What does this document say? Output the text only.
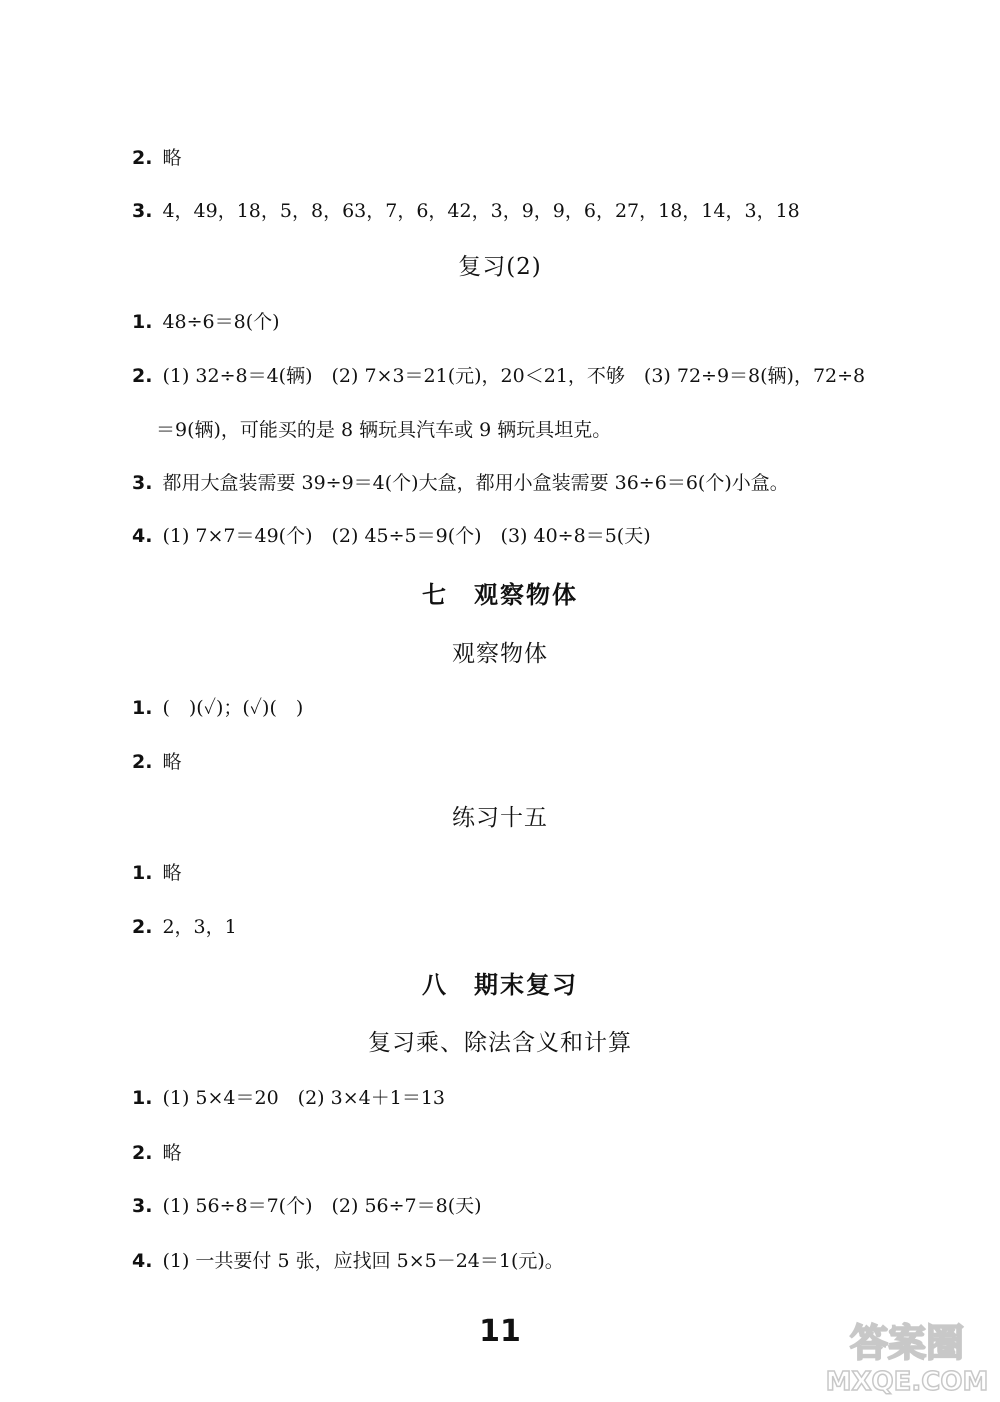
2. 略
3. 4，49，18，5，8，63，7，6，42，3，9，9，6，27，18，14，3，18
复习(2)
1. 48÷6＝8(个)
2. (1) 32÷8＝4(辆)　(2) 7×3＝21(元)，20＜21，不够　(3) 72÷9＝8(辆)，72÷8
＝9(辆)，可能买的是 8 辆玩具汽车或 9 辆玩具坦克。
3. 都用大盒装需要 39÷9＝4(个)大盒，都用小盒装需要 36÷6＝6(个)小盒。
4. (1) 7×7＝49(个)　(2) 45÷5＝9(个)　(3) 40÷8＝5(天)
七　观察物体
观察物体
1. (　)(✓)；(✓)(　)
2. 略
练习十五
1. 略
2. 2，3，1
八　期末复习
复习乘、除法含义和计算
1. (1) 5×4＝20　(2) 3×4＋1＝13
2. 略
3. (1) 56÷8＝7(个)　(2) 56÷7＝8(天)
4. (1) 一共要付 5 张，应找回 5×5－24＝1(元)。
11	答案圈
MXQE.COM
